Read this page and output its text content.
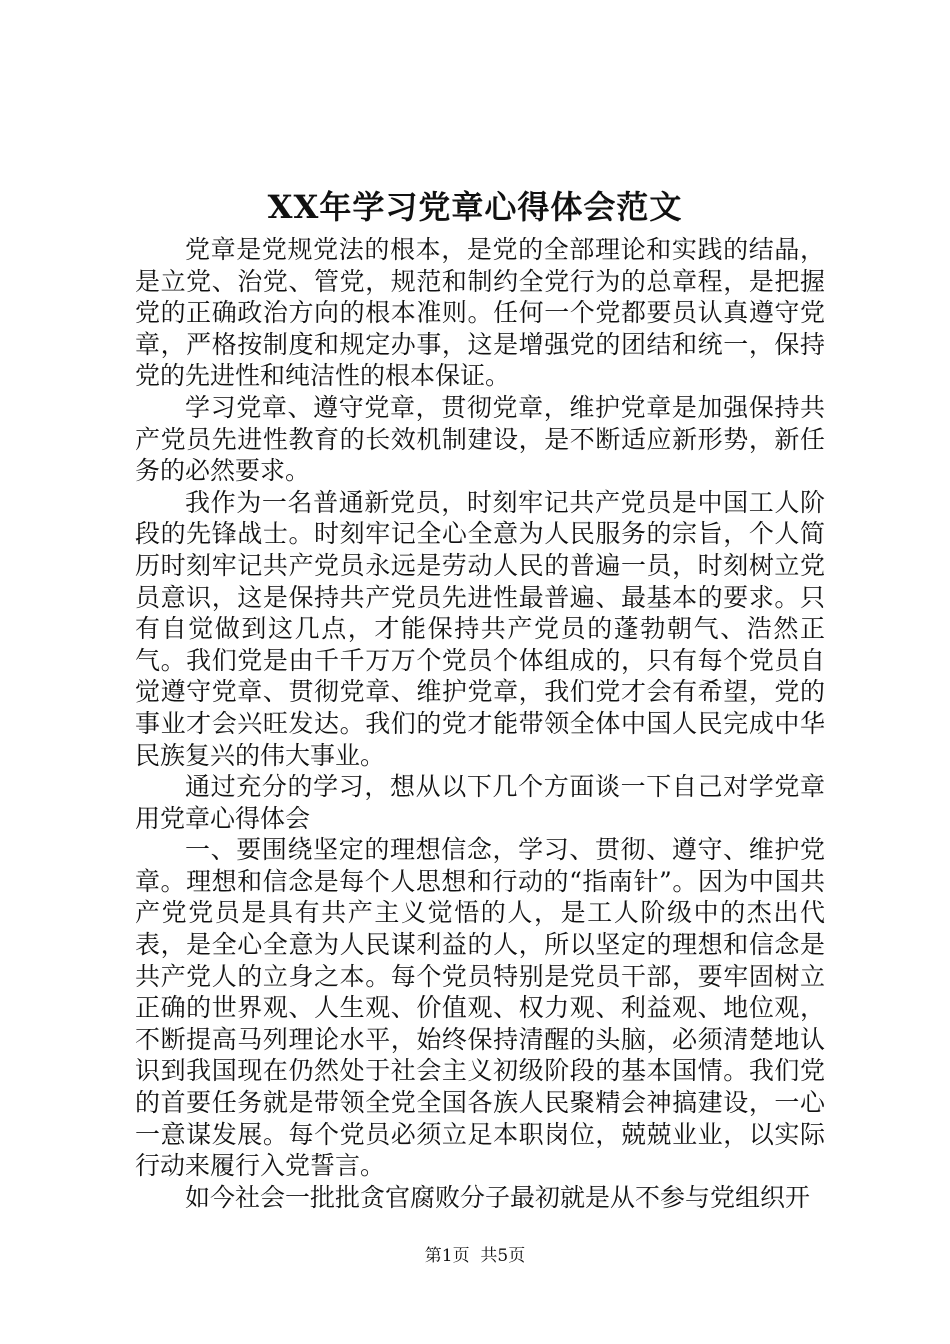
XX年学习党章心得体会范文

党章是党规党法的根本，是党的全部理论和实践的结晶，是立党、治党、管党，规范和制约全党行为的总章程，是把握党的正确政治方向的根本准则。任何一个党都要员认真遵守党章，严格按制度和规定办事，这是增强党的团结和统一，保持党的先进性和纯洁性的根本保证。

学习党章、遵守党章，贯彻党章，维护党章是加强保持共产党员先进性教育的长效机制建设，是不断适应新形势，新任务的必然要求。

我作为一名普通新党员，时刻牢记共产党员是中国工人阶段的先锋战士。时刻牢记全心全意为人民服务的宗旨，个人简历时刻牢记共产党员永远是劳动人民的普遍一员，时刻树立党员意识，这是保持共产党员先进性最普遍、最基本的要求。只有自觉做到这几点，才能保持共产党员的蓬勃朝气、浩然正气。我们党是由千千万万个党员个体组成的，只有每个党员自觉遵守党章、贯彻党章、维护党章，我们党才会有希望，党的事业才会兴旺发达。我们的党才能带领全体中国人民完成中华民族复兴的伟大事业。

通过充分的学习，想从以下几个方面谈一下自己对学党章用党章心得体会

一、要围绕坚定的理想信念，学习、贯彻、遵守、维护党章。理想和信念是每个人思想和行动的“指南针”。因为中国共产党党员是具有共产主义觉悟的人，是工人阶级中的杰出代表，是全心全意为人民谋利益的人，所以坚定的理想和信念是共产党人的立身之本。每个党员特别是党员干部，要牢固树立正确的世界观、人生观、价值观、权力观、利益观、地位观，不断提高马列理论水平，始终保持清醒的头脑，必须清楚地认识到我国现在仍然处于社会主义初级阶段的基本国情。我们党的首要任务就是带领全党全国各族人民聚精会神搞建设，一心一意谋发展。每个党员必须立足本职岗位，兢兢业业，以实际行动来履行入党誓言。

如今社会一批批贪官腐败分子最初就是从不参与党组织开

第1页 共5页
